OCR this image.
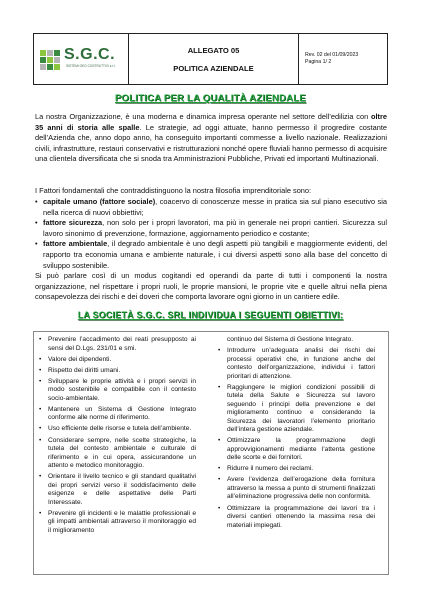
S.G.C.
SISTEMI GEO COSTRUTTIVI s.r.l.

ALLEGATO 05
POLITICA AZIENDALE

Rev. 02 del 01/09/2023
Pagina 1/ 2
POLITICA PER LA QUALITÀ AZIENDALE

La nostra Organizzazione, è una moderna e dinamica impresa operante nel settore dell’edilizia con oltre 35 anni di storia alle spalle. Le strategie, ad oggi attuate, hanno permesso il progredire costante dell’Azienda che, anno dopo anno, ha conseguito importanti commesse a livello nazionale. Realizzazioni civili, infrastrutture, restauri conservativi e ristrutturazioni nonché opere fluviali hanno permesso di acquisire una clientela diversificata che si snoda tra Amministrazioni Pubbliche, Privati ed importanti Multinazionali.

I Fattori fondamentali che contraddistinguono la nostra filosofia imprenditoriale sono:
• capitale umano (fattore sociale), coacervo di conoscenze messe in pratica sia sul piano esecutivo sia nella ricerca di nuovi obbiettivi;
• fattore sicurezza, non solo per i propri lavoratori, ma più in generale nei propri cantieri. Sicurezza sul lavoro sinonimo di prevenzione, formazione, aggiornamento periodico e costante;
• fattore ambientale, il degrado ambientale è uno degli aspetti più tangibili e maggiormente evidenti, del rapporto tra economia umana e ambiente naturale, i cui diversi aspetti sono alla base del concetto di sviluppo sostenibile.
Si può parlare così di un modus cogitandi ed operandi da parte di tutti i componenti la nostra organizzazione, nel rispettare i propri ruoli, le proprie mansioni, le proprie vite e quelle altrui nella piena consapevolezza dei rischi e dei doveri che comporta lavorare ogni giorno in un cantiere edile.
LA SOCIETÀ S.G.C. SRL INDIVIDUA I SEGUENTI OBIETTIVI:
• Prevenire l’accadimento dei reati presupposto ai sensi del D.Lgs. 231/01 e smi.
• Valore dei dipendenti.
• Rispetto dei diritti umani.
• Sviluppare le proprie attività e i propri servizi in modo sostenibile e compatibile con il contesto socio-ambientale.
• Mantenere un Sistema di Gestione Integrato conforme alle norme di riferimento.
• Uso efficiente delle risorse e tutela dell’ambiente.
• Considerare sempre, nelle scelte strategiche, la tutela del contesto ambientale e culturale di riferimento e in cui opera, assicurandone un attento e metodico monitoraggio.
• Orientare il livello tecnico e gli standard qualitativi dei propri servizi verso il soddisfacimento delle esigenze e delle aspettative delle Parti Interessate.
• Prevenire gli incidenti e le malattie professionali e gli impatti ambientali attraverso il monitoraggio ed il miglioramento
continuo del Sistema di Gestione Integrato.
• Introdurre un’adeguata analisi dei rischi dei processi operativi che, in funzione anche del contesto dell’organizzazione, individui i fattori prioritari di attenzione.
• Raggiungere le migliori condizioni possibili di tutela della Salute e Sicurezza sul lavoro seguendo i principi della prevenzione e del miglioramento continuo e considerando la Sicurezza dei lavoratori l’elemento prioritario dell’intera gestione aziendale.
• Ottimizzare la programmazione degli approvvigionamenti mediante l’attenta gestione delle scorte e dei fornitori.
• Ridurre il numero dei reclami.
• Avere l’evidenza dell’erogazione della fornitura attraverso la messa a punto di strumenti finalizzati all’eliminazione progressiva delle non conformità.
• Ottimizzare la programmazione dei lavori tra i diversi cantieri ottenendo la massima resa dei materiali impiegati.
